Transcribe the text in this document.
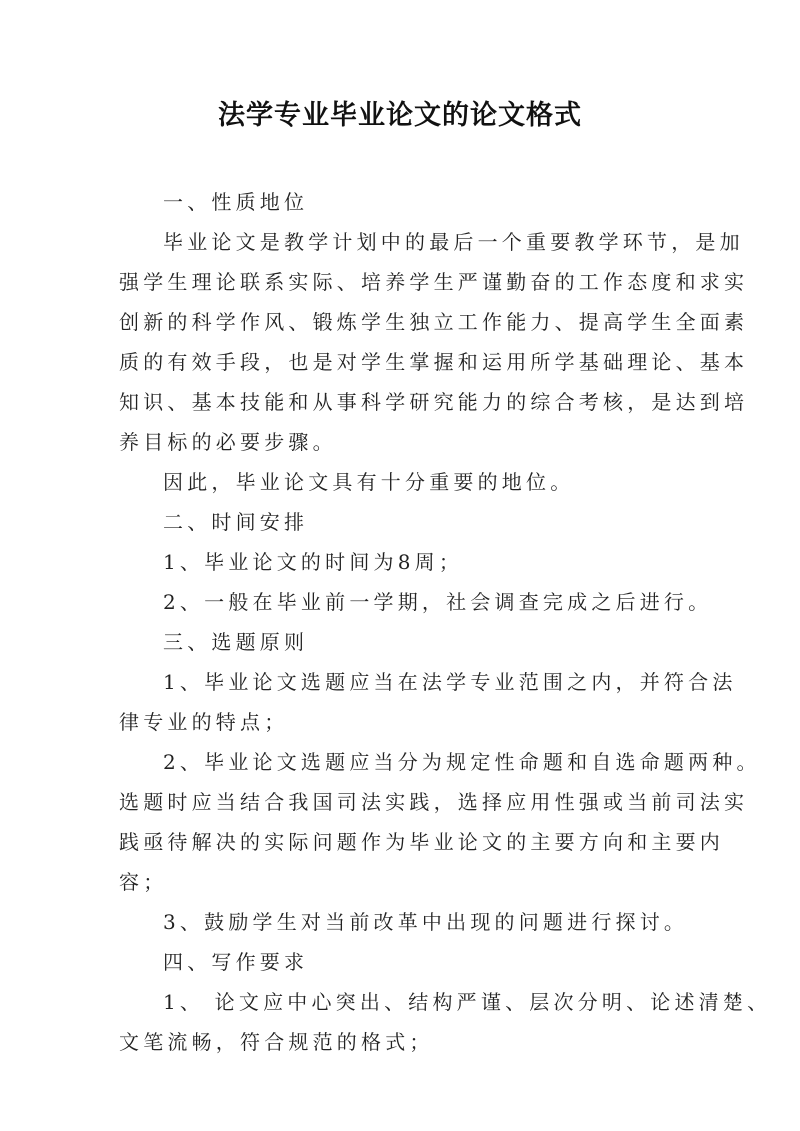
法学专业毕业论文的论文格式
一、性质地位
毕业论文是教学计划中的最后一个重要教学环节，是加
强学生理论联系实际、培养学生严谨勤奋的工作态度和求实
创新的科学作风、锻炼学生独立工作能力、提高学生全面素
质的有效手段，也是对学生掌握和运用所学基础理论、基本
知识、基本技能和从事科学研究能力的综合考核，是达到培
养目标的必要步骤。
因此，毕业论文具有十分重要的地位。
二、时间安排
1、毕业论文的时间为8周；
2、一般在毕业前一学期，社会调查完成之后进行。
三、选题原则
1、毕业论文选题应当在法学专业范围之内，并符合法
律专业的特点；
2、毕业论文选题应当分为规定性命题和自选命题两种。
选题时应当结合我国司法实践，选择应用性强或当前司法实
践亟待解决的实际问题作为毕业论文的主要方向和主要内
容；
3、鼓励学生对当前改革中出现的问题进行探讨。
四、写作要求
1、 论文应中心突出、结构严谨、层次分明、论述清楚、
文笔流畅，符合规范的格式；
